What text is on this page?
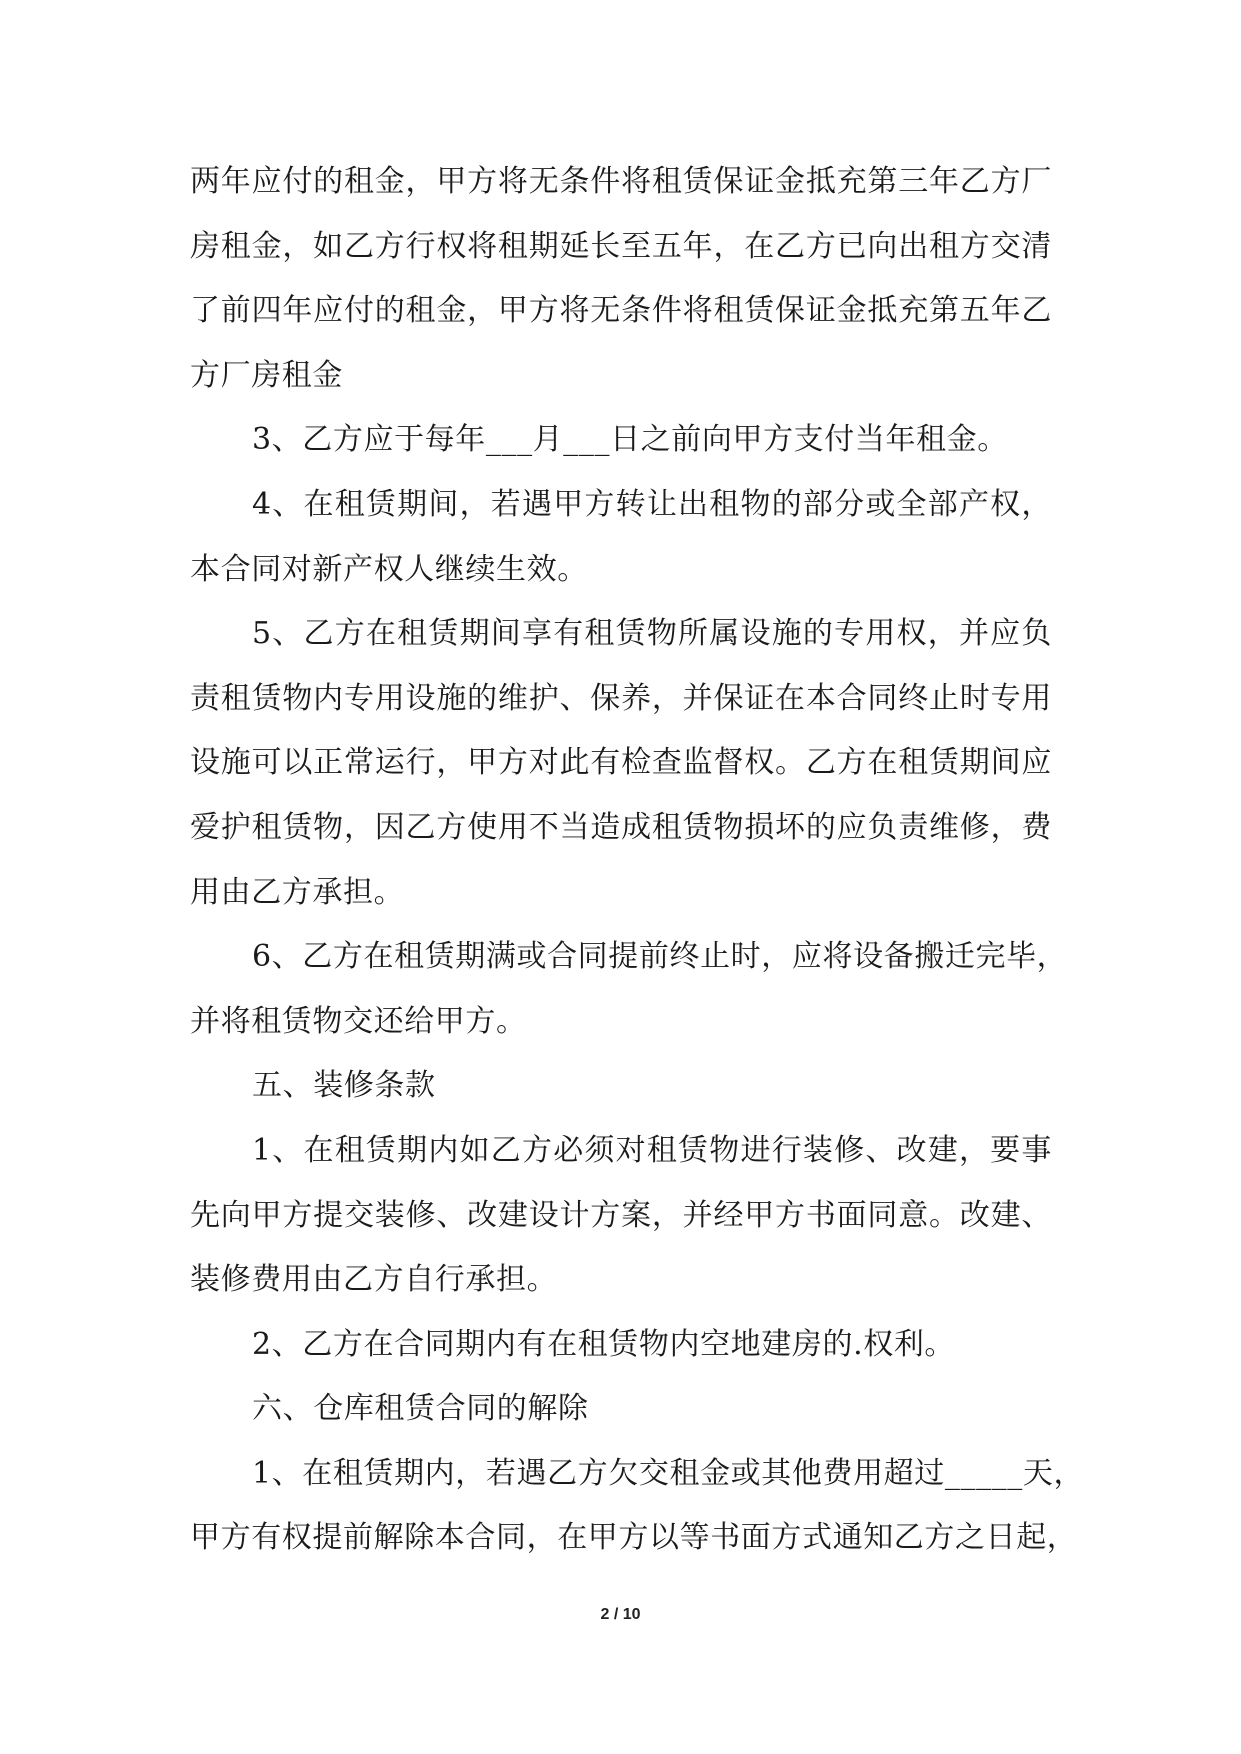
两年应付的租金，甲方将无条件将租赁保证金抵充第三年乙方厂
房租金，如乙方行权将租期延长至五年，在乙方已向出租方交清
了前四年应付的租金，甲方将无条件将租赁保证金抵充第五年乙
方厂房租金
3、乙方应于每年___月___日之前向甲方支付当年租金。
4、在租赁期间，若遇甲方转让出租物的部分或全部产权，
本合同对新产权人继续生效。
5、乙方在租赁期间享有租赁物所属设施的专用权，并应负
责租赁物内专用设施的维护、保养，并保证在本合同终止时专用
设施可以正常运行，甲方对此有检查监督权。乙方在租赁期间应
爱护租赁物，因乙方使用不当造成租赁物损坏的应负责维修，费
用由乙方承担。
6、乙方在租赁期满或合同提前终止时，应将设备搬迁完毕，
并将租赁物交还给甲方。
五、装修条款
1、在租赁期内如乙方必须对租赁物进行装修、改建，要事
先向甲方提交装修、改建设计方案，并经甲方书面同意。改建、
装修费用由乙方自行承担。
2、乙方在合同期内有在租赁物内空地建房的.权利。
六、仓库租赁合同的解除
1、在租赁期内，若遇乙方欠交租金或其他费用超过_____天，
甲方有权提前解除本合同，在甲方以等书面方式通知乙方之日起，
2 / 10
